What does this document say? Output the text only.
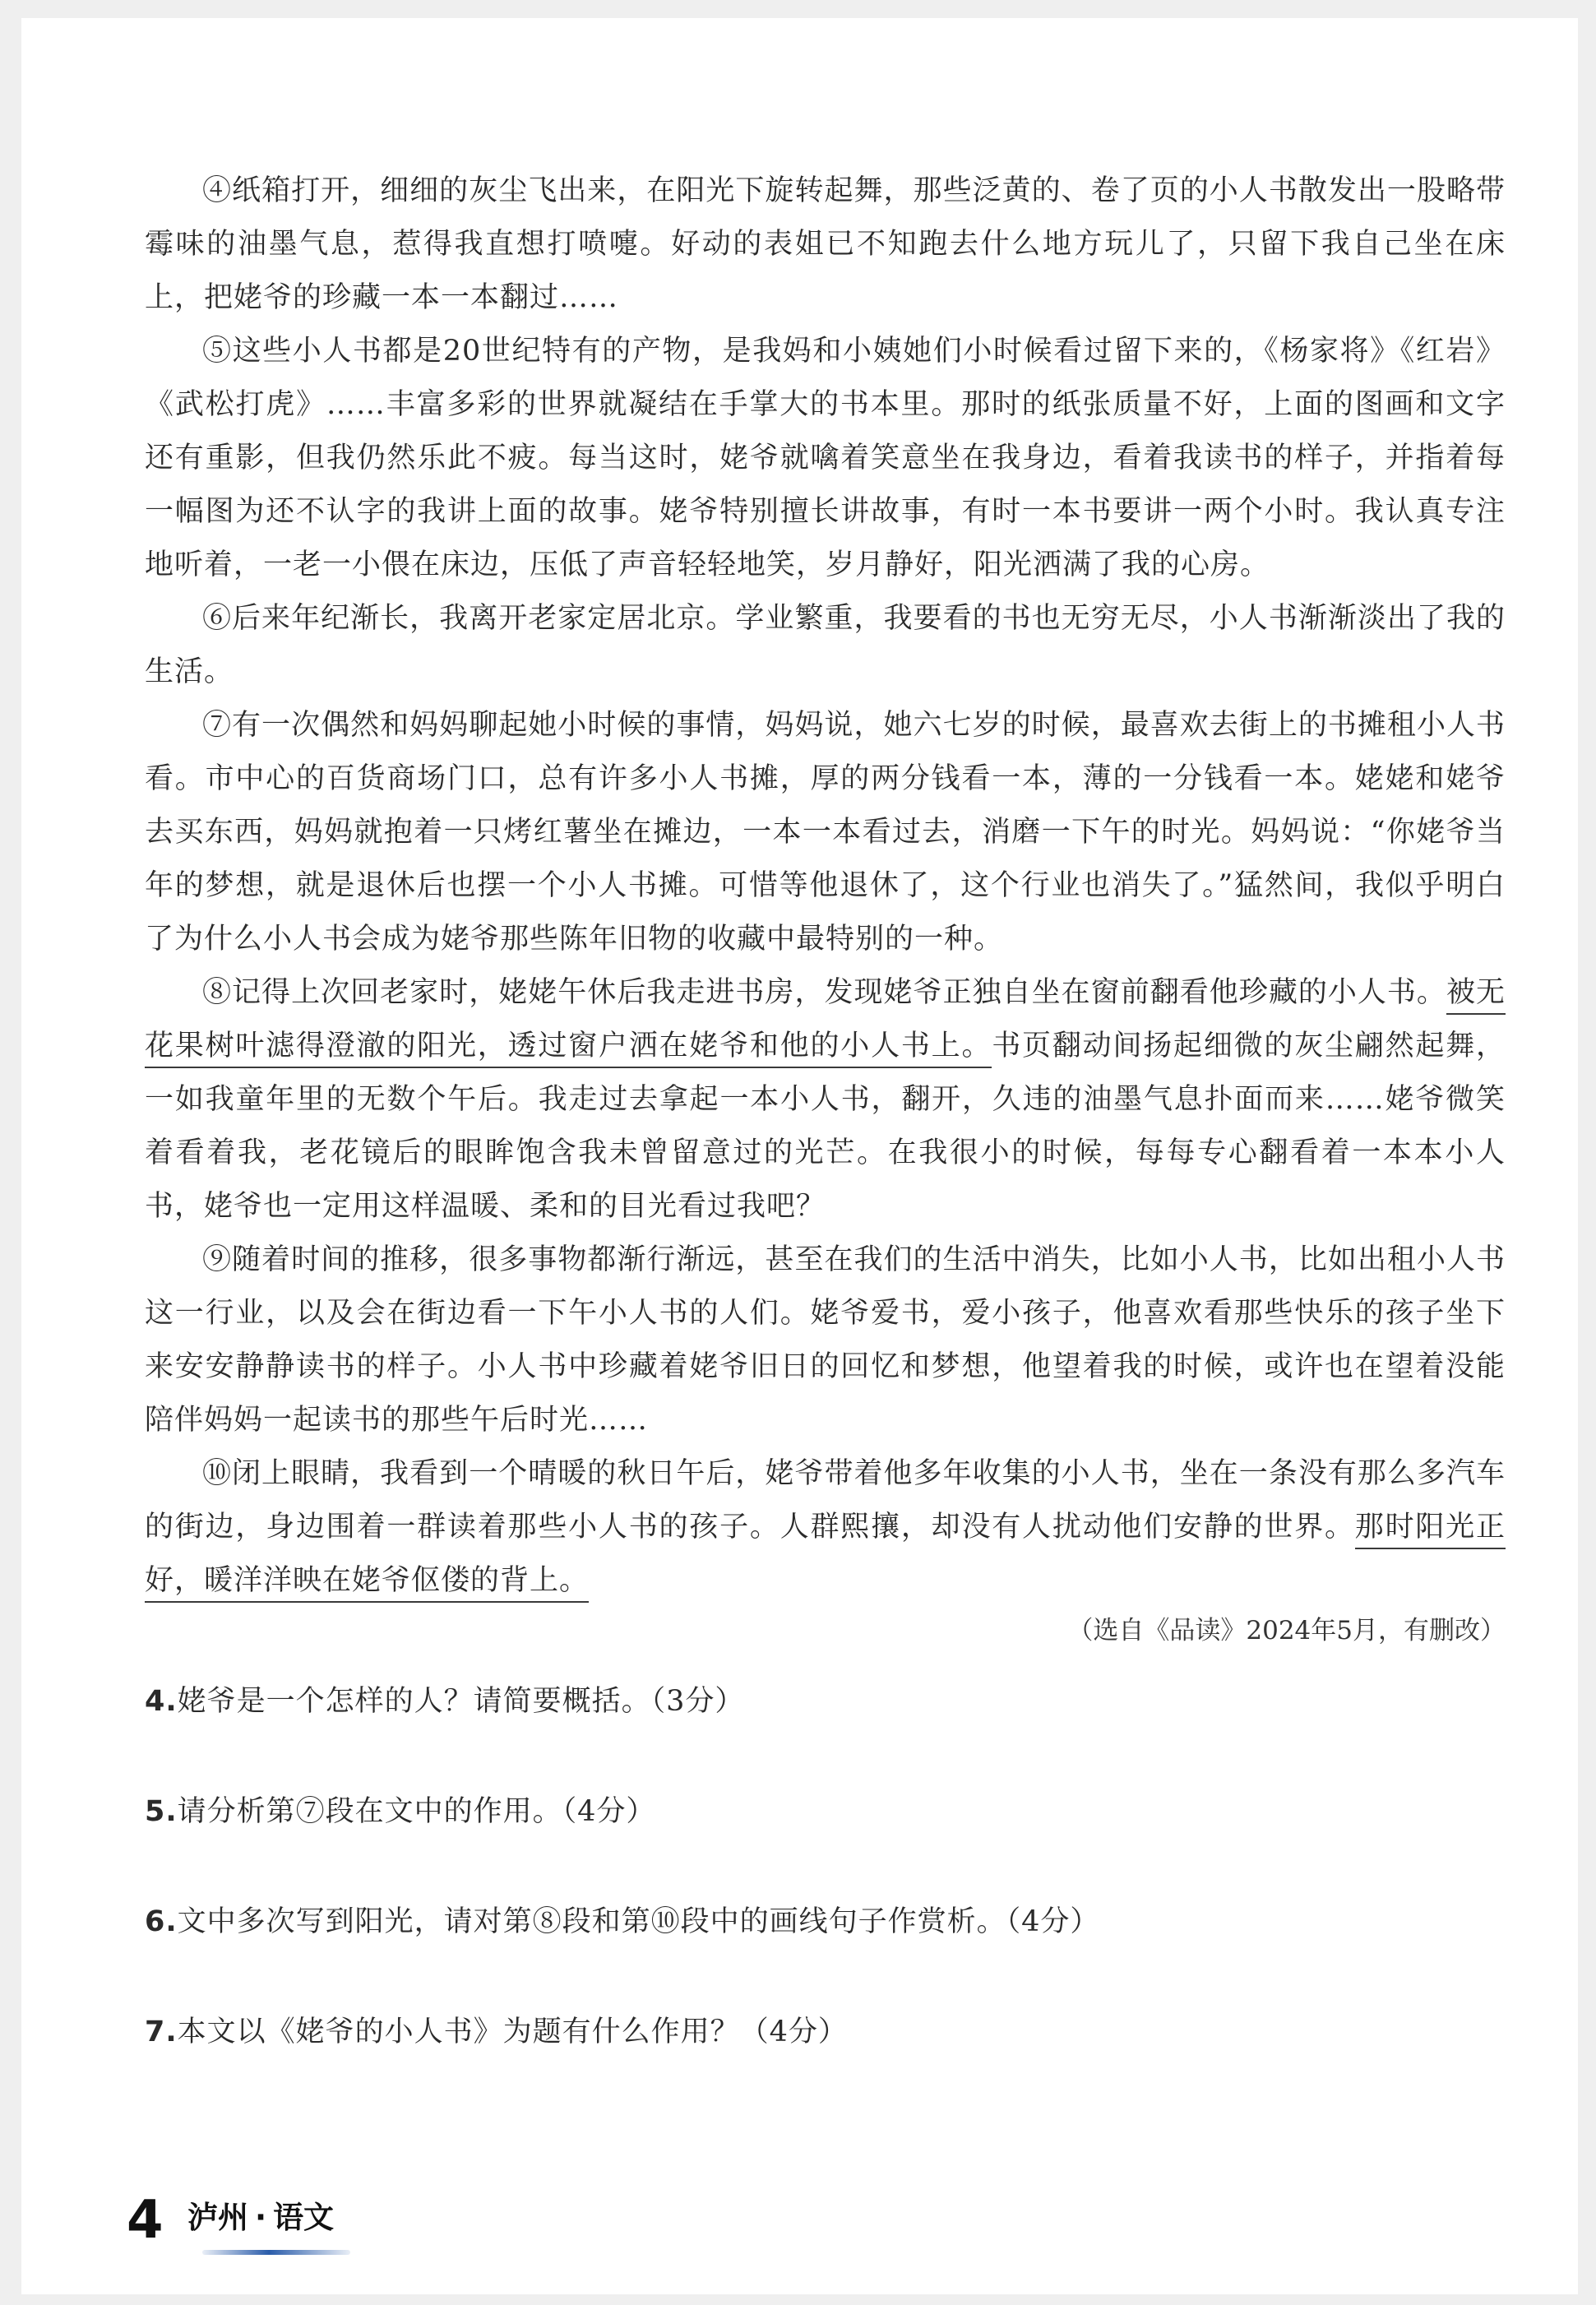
④纸箱打开，细细的灰尘飞出来，在阳光下旋转起舞，那些泛黄的、卷了页的小人书散发出一股略带霉味的油墨气息，惹得我直想打喷嚏。好动的表姐已不知跑去什么地方玩儿了，只留下我自己坐在床上，把姥爷的珍藏一本一本翻过……

⑤这些小人书都是20世纪特有的产物，是我妈和小姨她们小时候看过留下来的，《杨家将》《红岩》《武松打虎》……丰富多彩的世界就凝结在手掌大的书本里。那时的纸张质量不好，上面的图画和文字还有重影，但我仍然乐此不疲。每当这时，姥爷就噙着笑意坐在我身边，看着我读书的样子，并指着每一幅图为还不认字的我讲上面的故事。姥爷特别擅长讲故事，有时一本书要讲一两个小时。我认真专注地听着，一老一小偎在床边，压低了声音轻轻地笑，岁月静好，阳光洒满了我的心房。

⑥后来年纪渐长，我离开老家定居北京。学业繁重，我要看的书也无穷无尽，小人书渐渐淡出了我的生活。

⑦有一次偶然和妈妈聊起她小时候的事情，妈妈说，她六七岁的时候，最喜欢去街上的书摊租小人书看。市中心的百货商场门口，总有许多小人书摊，厚的两分钱看一本，薄的一分钱看一本。姥姥和姥爷去买东西，妈妈就抱着一只烤红薯坐在摊边，一本一本看过去，消磨一下午的时光。妈妈说：“你姥爷当年的梦想，就是退休后也摆一个小人书摊。可惜等他退休了，这个行业也消失了。”猛然间，我似乎明白了为什么小人书会成为姥爷那些陈年旧物的收藏中最特别的一种。

⑧记得上次回老家时，姥姥午休后我走进书房，发现姥爷正独自坐在窗前翻看他珍藏的小人书。被无花果树叶滤得澄澈的阳光，透过窗户洒在姥爷和他的小人书上。书页翻动间扬起细微的灰尘翩然起舞，一如我童年里的无数个午后。我走过去拿起一本小人书，翻开，久违的油墨气息扑面而来……姥爷微笑着看着我，老花镜后的眼眸饱含我未曾留意过的光芒。在我很小的时候，每每专心翻看着一本本小人书，姥爷也一定用这样温暖、柔和的目光看过我吧？

⑨随着时间的推移，很多事物都渐行渐远，甚至在我们的生活中消失，比如小人书，比如出租小人书这一行业，以及会在街边看一下午小人书的人们。姥爷爱书，爱小孩子，他喜欢看那些快乐的孩子坐下来安安静静读书的样子。小人书中珍藏着姥爷旧日的回忆和梦想，他望着我的时候，或许也在望着没能陪伴妈妈一起读书的那些午后时光……

⑩闭上眼睛，我看到一个晴暖的秋日午后，姥爷带着他多年收集的小人书，坐在一条没有那么多汽车的街边，身边围着一群读着那些小人书的孩子。人群熙攘，却没有人扰动他们安静的世界。那时阳光正好，暖洋洋映在姥爷伛偻的背上。

（选自《品读》2024年5月，有删改）

4.姥爷是一个怎样的人？请简要概括。（3分）

5.请分析第⑦段在文中的作用。（4分）

6.文中多次写到阳光，请对第⑧段和第⑩段中的画线句子作赏析。（4分）

7.本文以《姥爷的小人书》为题有什么作用？（4分）

4 泸州 · 语文
